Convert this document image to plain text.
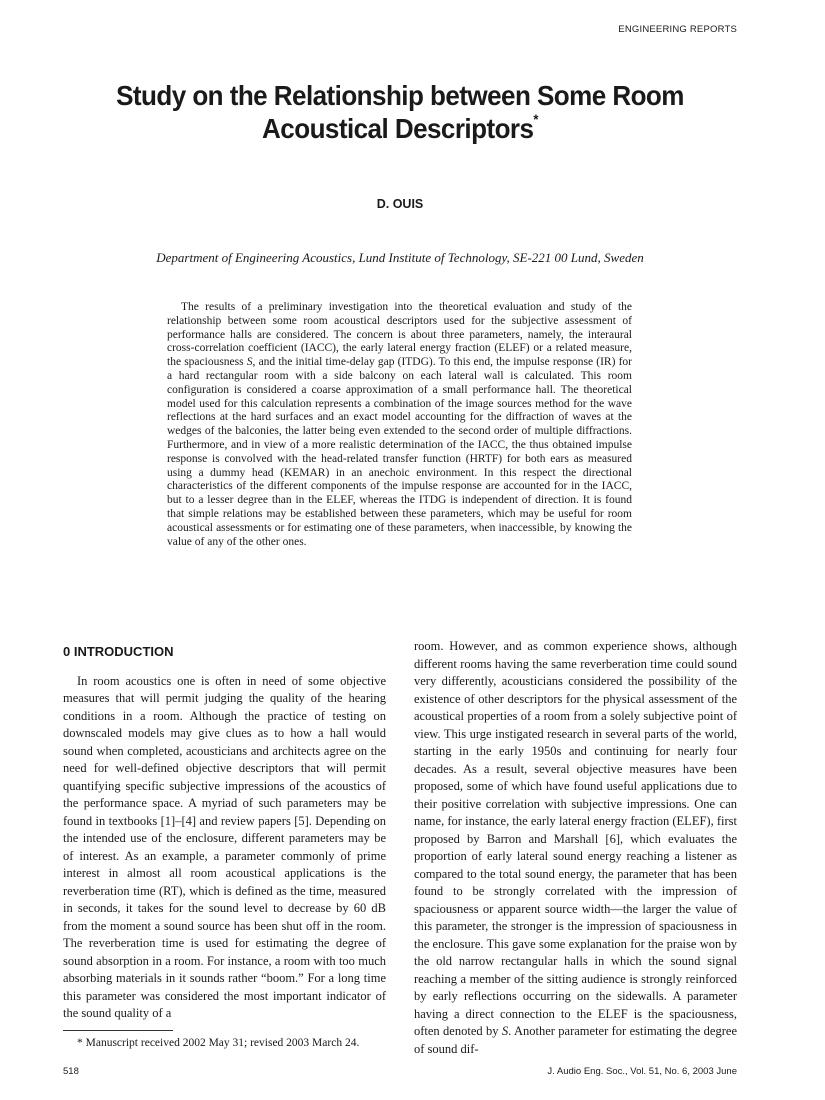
ENGINEERING REPORTS
Study on the Relationship between Some Room Acoustical Descriptors*
D. OUIS
Department of Engineering Acoustics, Lund Institute of Technology, SE-221 00 Lund, Sweden

The results of a preliminary investigation into the theoretical evaluation and study of the relationship between some room acoustical descriptors used for the subjective assessment of performance halls are considered. The concern is about three parameters, namely, the interaural cross-correlation coefficient (IACC), the early lateral energy fraction (ELEF) or a related measure, the spaciousness S, and the initial time-delay gap (ITDG). To this end, the impulse response (IR) for a hard rectangular room with a side balcony on each lateral wall is calculated. This room configuration is considered a coarse approximation of a small performance hall. The theoretical model used for this calculation represents a combination of the image sources method for the wave reflections at the hard surfaces and an exact model accounting for the diffraction of waves at the wedges of the balconies, the latter being even extended to the second order of multiple diffractions. Furthermore, and in view of a more realistic determination of the IACC, the thus obtained impulse response is convolved with the head-related transfer function (HRTF) for both ears as measured using a dummy head (KEMAR) in an anechoic environment. In this respect the directional characteristics of the different components of the impulse response are accounted for in the IACC, but to a lesser degree than in the ELEF, whereas the ITDG is independent of direction. It is found that simple relations may be established between these parameters, which may be useful for room acoustical assessments or for estimating one of these parameters, when inaccessible, by knowing the value of any of the other ones.

0 INTRODUCTION

In room acoustics one is often in need of some objective measures that will permit judging the quality of the hearing conditions in a room. Although the practice of testing on downscaled models may give clues as to how a hall would sound when completed, acousticians and architects agree on the need for well-defined objective descriptors that will permit quantifying specific subjective impressions of the acoustics of the performance space. A myriad of such parameters may be found in textbooks [1]–[4] and review papers [5]. Depending on the intended use of the enclosure, different parameters may be of interest. As an example, a parameter commonly of prime interest in almost all room acoustical applications is the reverberation time (RT), which is defined as the time, measured in seconds, it takes for the sound level to decrease by 60 dB from the moment a sound source has been shut off in the room. The reverberation time is used for estimating the degree of sound absorption in a room. For instance, a room with too much absorbing materials in it sounds rather “boom.” For a long time this parameter was considered the most important indicator of the sound quality of a

room. However, and as common experience shows, although different rooms having the same reverberation time could sound very differently, acousticians considered the possibility of the existence of other descriptors for the physical assessment of the acoustical properties of a room from a solely subjective point of view. This urge instigated research in several parts of the world, starting in the early 1950s and continuing for nearly four decades. As a result, several objective measures have been proposed, some of which have found useful applications due to their positive correlation with subjective impressions. One can name, for instance, the early lateral energy fraction (ELEF), first proposed by Barron and Marshall [6], which evaluates the proportion of early lateral sound energy reaching a listener as compared to the total sound energy, the parameter that has been found to be strongly correlated with the impression of spaciousness or apparent source width—the larger the value of this parameter, the stronger is the impression of spaciousness in the enclosure. This gave some explanation for the praise won by the old narrow rectangular halls in which the sound signal reaching a member of the sitting audience is strongly reinforced by early reflections occurring on the sidewalls. A parameter having a direct connection to the ELEF is the spaciousness, often denoted by S. Another parameter for estimating the degree of sound dif-

* Manuscript received 2002 May 31; revised 2003 March 24.
518	J. Audio Eng. Soc., Vol. 51, No. 6, 2003 June
